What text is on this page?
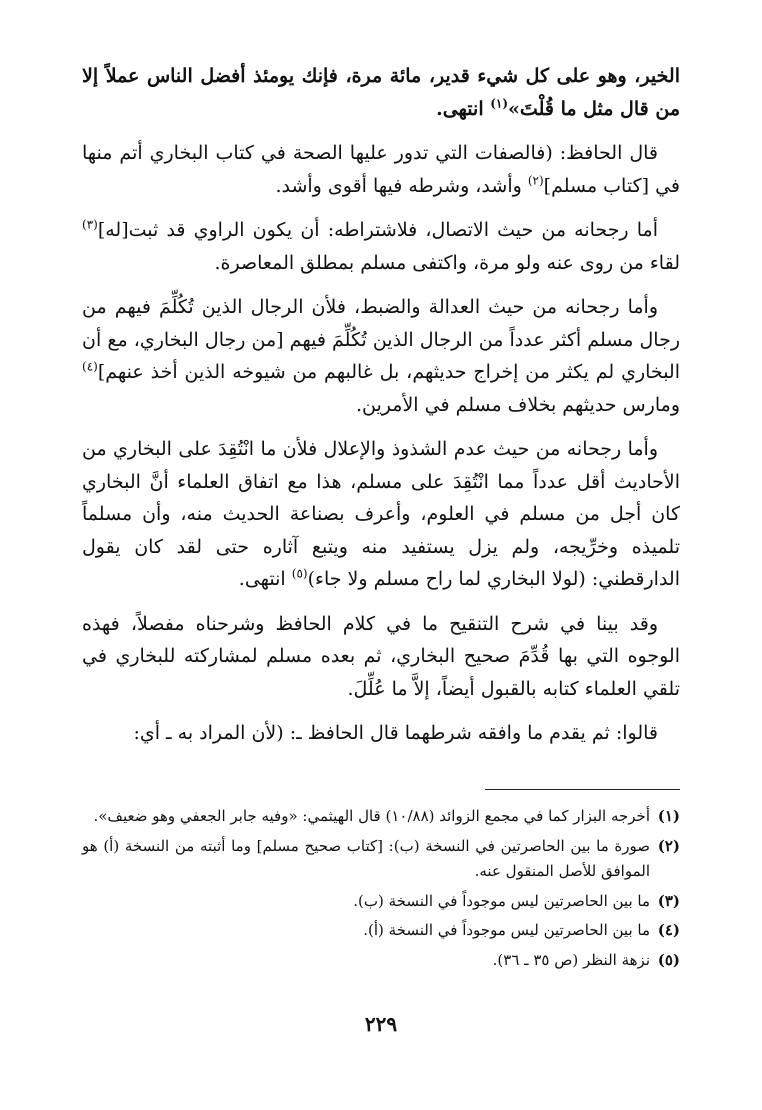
الخير، وهو على كل شيء قدير، مائة مرة، فإنك يومئذ أفضل الناس عملاً إلا من قال مثل ما قُلْتَ»$^{(١)}$ انتهى.

قال الحافظ: (فالصفات التي تدور عليها الصحة في كتاب البخاري أتم منها في [كتاب مسلم]$^{(٢)}$ وأشد، وشرطه فيها أقوى وأشد.

أما رجحانه من حيث الاتصال، فلاشتراطه: أن يكون الراوي قد ثبت[له]$^{(٣)}$ لقاء من روى عنه ولو مرة، واكتفى مسلم بمطلق المعاصرة.

وأما رجحانه من حيث العدالة والضبط، فلأن الرجال الذين تُكُلِّمَ فيهم من رجال مسلم أكثر عدداً من الرجال الذين تُكُلِّمَ فيهم [من رجال البخاري، مع أن البخاري لم يكثر من إخراج حديثهم، بل غالبهم من شيوخه الذين أخذ عنهم]$^{(٤)}$ ومارس حديثهم بخلاف مسلم في الأمرين.

وأما رجحانه من حيث عدم الشذوذ والإعلال فلأن ما انْتُقِدَ على البخاري من الأحاديث أقل عدداً مما انْتُقِدَ على مسلم، هذا مع اتفاق العلماء أنَّ البخاري كان أجل من مسلم في العلوم، وأعرف بصناعة الحديث منه، وأن مسلماً تلميذه وخرِّيجه، ولم يزل يستفيد منه ويتبع آثاره حتى لقد كان يقول الدارقطني: (لولا البخاري لما راح مسلم ولا جاء)$^{(٥)}$ انتهى.

وقد بينا في شرح التنقيح ما في كلام الحافظ وشرحناه مفصلاً، فهذه الوجوه التي بها قُدِّمَ صحيح البخاري، ثم بعده مسلم لمشاركته للبخاري في تلقي العلماء كتابه بالقبول أيضاً، إلاَّ ما عُلِّلَ.

قالوا: ثم يقدم ما وافقه شرطهما قال الحافظ ـ: (لأن المراد به ـ أي:

(١)
أخرجه البزار كما في مجمع الزوائد (١٠/٨٨) قال الهيثمي: «وفيه جابر الجعفي وهو ضعيف».
(٢)
صورة ما بين الحاصرتين في النسخة (ب): [كتاب صحيح مسلم] وما أثبته من النسخة (أ) هو الموافق للأصل المنقول عنه.
(٣)
ما بين الحاصرتين ليس موجوداً في النسخة (ب).
(٤)
ما بين الحاصرتين ليس موجوداً في النسخة (أ).
(٥)
نزهة النظر (ص ٣٥ ـ ٣٦).
٢٢٩
